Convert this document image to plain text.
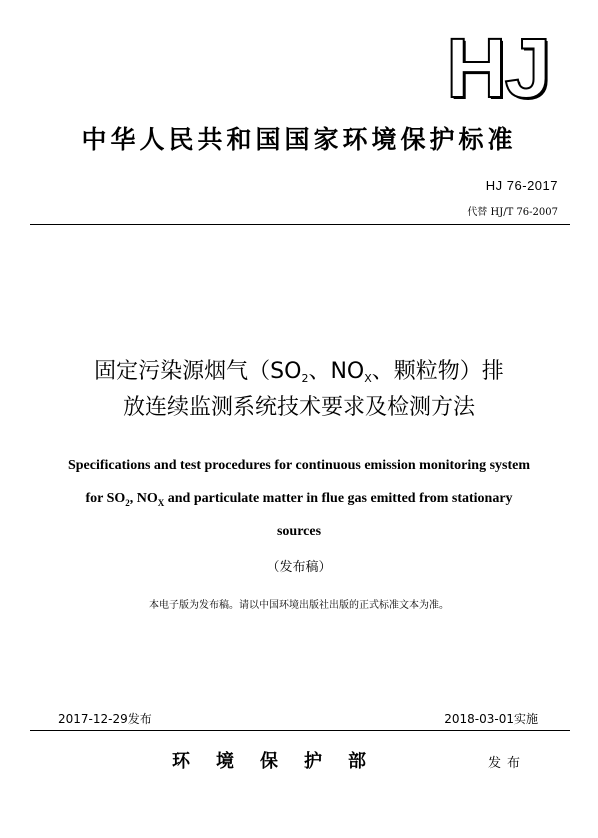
HJ
中华人民共和国国家环境保护标准
HJ 76-2017
代替 HJ/T 76-2007
固定污染源烟气（$SO_2$、$NO_X$、颗粒物）排
放连续监测系统技术要求及检测方法
Specifications and test procedures for continuous emission monitoring system
for $SO_2$, $NO_X$ and particulate matter in flue gas emitted from stationary
sources
（发布稿）
本电子版为发布稿。请以中国环境出版社出版的正式标准文本为准。
2017-12-29发布	2018-03-01实施
环境保护部	发布
